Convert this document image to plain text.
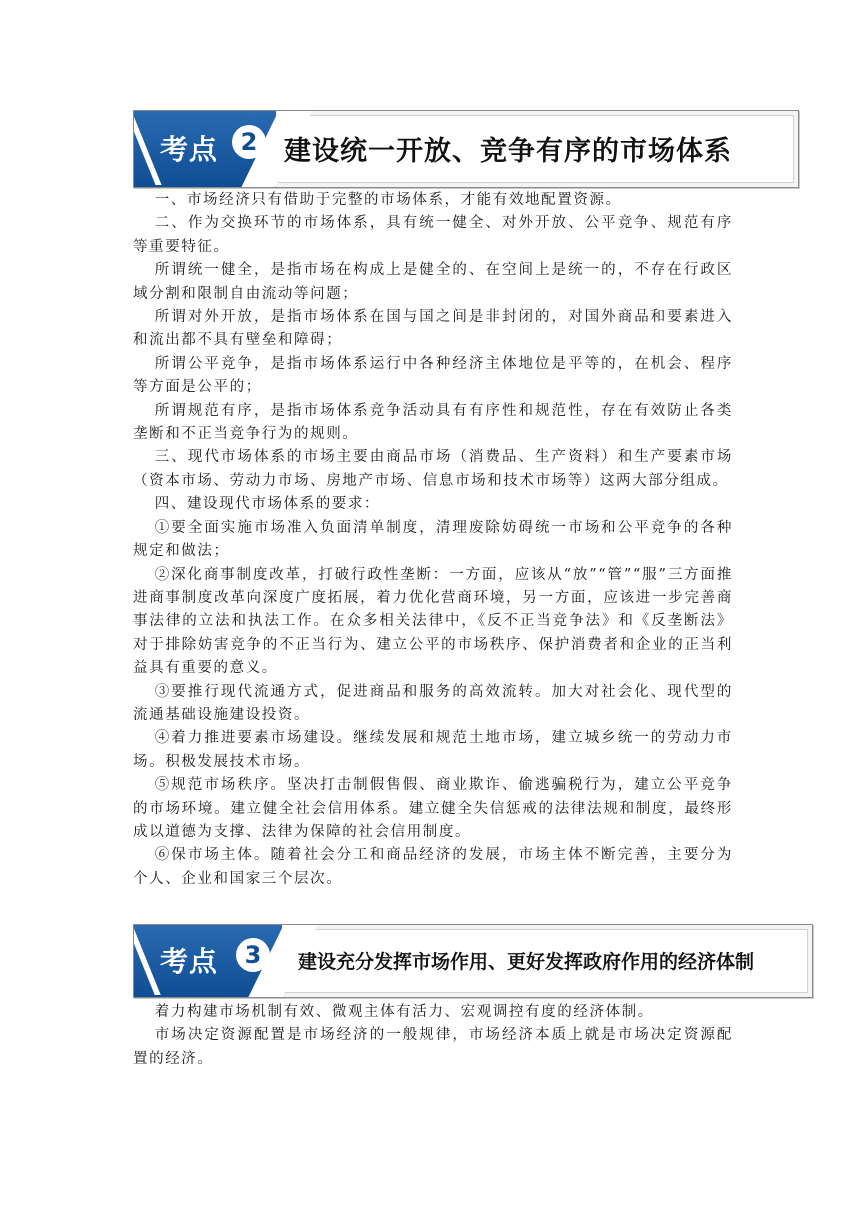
考点 2 建设统一开放、竞争有序的市场体系

一、市场经济只有借助于完整的市场体系，才能有效地配置资源。

二、作为交换环节的市场体系，具有统一健全、对外开放、公平竞争、规范有序等重要特征。

所谓统一健全，是指市场在构成上是健全的、在空间上是统一的，不存在行政区域分割和限制自由流动等问题；

所谓对外开放，是指市场体系在国与国之间是非封闭的，对国外商品和要素进入和流出都不具有壁垒和障碍；

所谓公平竞争，是指市场体系运行中各种经济主体地位是平等的，在机会、程序等方面是公平的；

所谓规范有序，是指市场体系竞争活动具有有序性和规范性，存在有效防止各类垄断和不正当竞争行为的规则。

三、现代市场体系的市场主要由商品市场（消费品、生产资料）和生产要素市场（资本市场、劳动力市场、房地产市场、信息市场和技术市场等）这两大部分组成。

四、建设现代市场体系的要求：

①要全面实施市场准入负面清单制度，清理废除妨碍统一市场和公平竞争的各种规定和做法；

②深化商事制度改革，打破行政性垄断：一方面，应该从“放”“管”“服”三方面推进商事制度改革向深度广度拓展，着力优化营商环境，另一方面，应该进一步完善商事法律的立法和执法工作。在众多相关法律中，《反不正当竞争法》和《反垄断法》对于排除妨害竞争的不正当行为、建立公平的市场秩序、保护消费者和企业的正当利益具有重要的意义。

③要推行现代流通方式，促进商品和服务的高效流转。加大对社会化、现代型的流通基础设施建设投资。

④着力推进要素市场建设。继续发展和规范土地市场，建立城乡统一的劳动力市场。积极发展技术市场。

⑤规范市场秩序。坚决打击制假售假、商业欺诈、偷逃骗税行为，建立公平竞争的市场环境。建立健全社会信用体系。建立健全失信惩戒的法律法规和制度，最终形成以道德为支撑、法律为保障的社会信用制度。

⑥保市场主体。随着社会分工和商品经济的发展，市场主体不断完善，主要分为个人、企业和国家三个层次。

考点	3	建设充分发挥市场作用、更好发挥政府作用的经济体制

着力构建市场机制有效、微观主体有活力、宏观调控有度的经济体制。

市场决定资源配置是市场经济的一般规律，市场经济本质上就是市场决定资源配置的经济。
